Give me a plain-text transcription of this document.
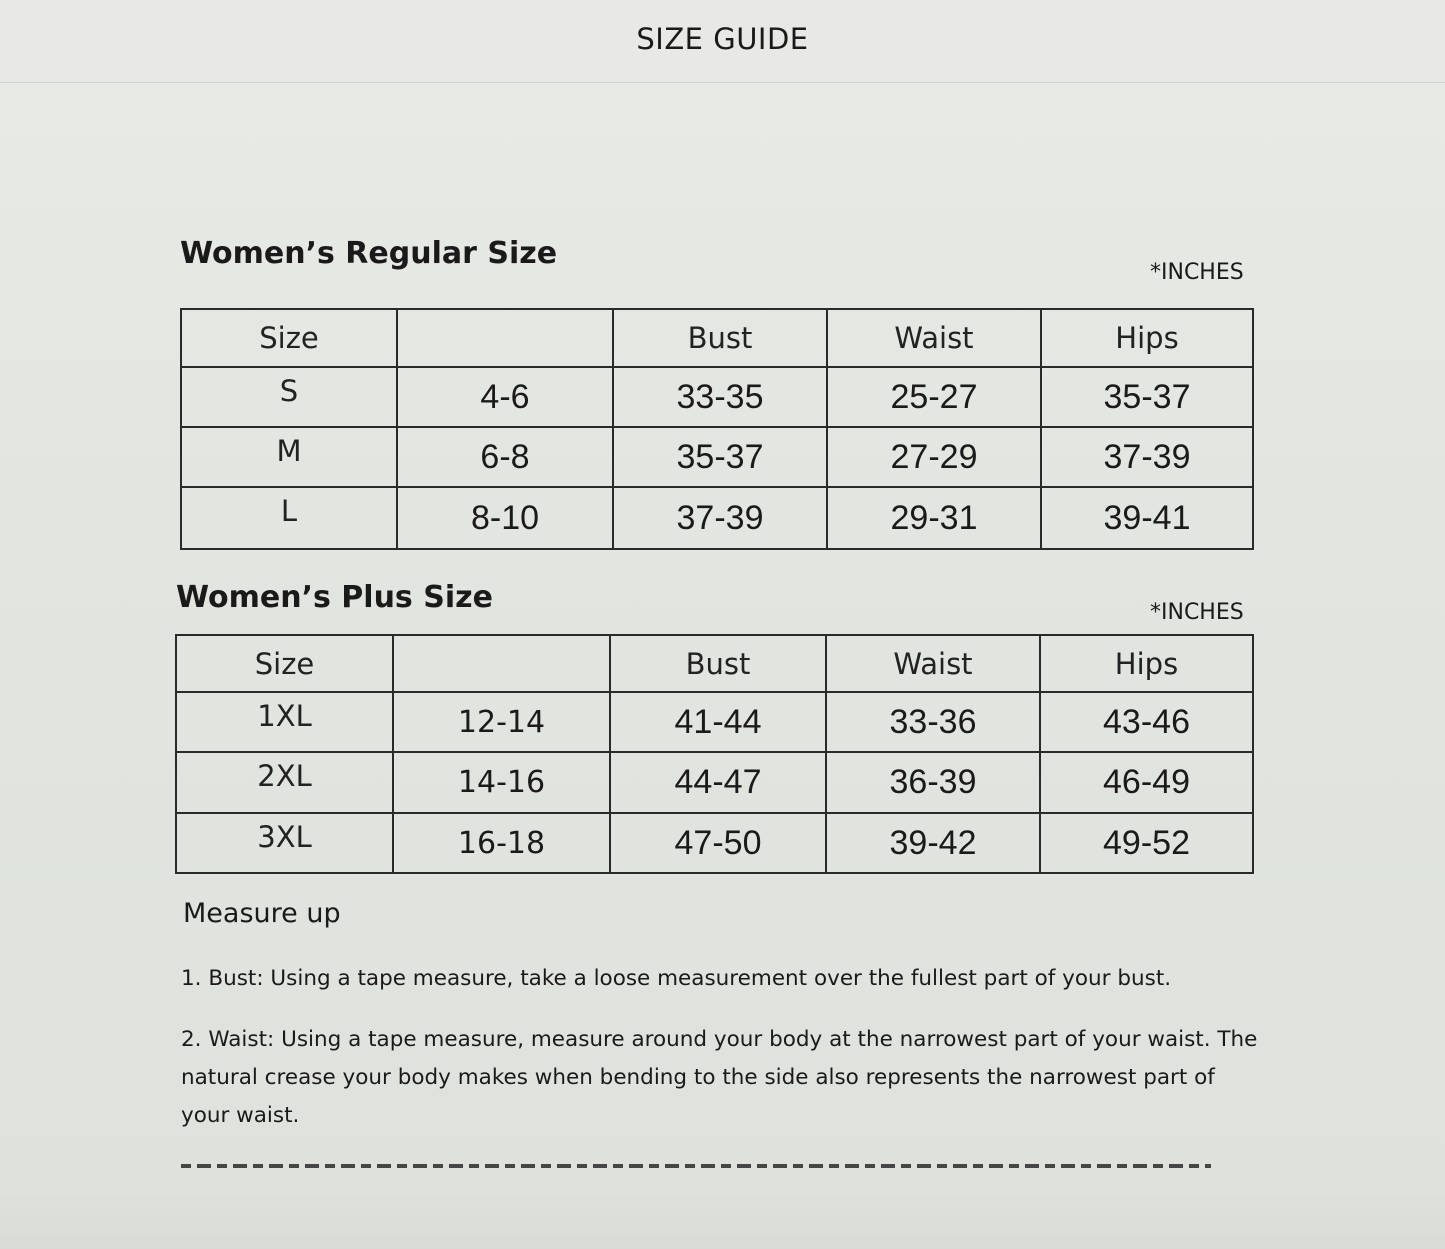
SIZE GUIDE
Women’s Regular Size
*INCHES
Size		Bust	Waist	Hips
S	4-6	33-35	25-27	35-37
M	6-8	35-37	27-29	37-39
L	8-10	37-39	29-31	39-41
Women’s Plus Size	*INCHES
Size		Bust	Waist	Hips
1XL	12-14	41-44	33-36	43-46
2XL	14-16	44-47	36-39	46-49
3XL	16-18	47-50	39-42	49-52
Measure up
1. Bust: Using a tape measure, take a loose measurement over the fullest part of your bust.
2. Waist: Using a tape measure, measure around your body at the narrowest part of your waist. The natural crease your body makes when bending to the side also represents the narrowest part of your waist.
